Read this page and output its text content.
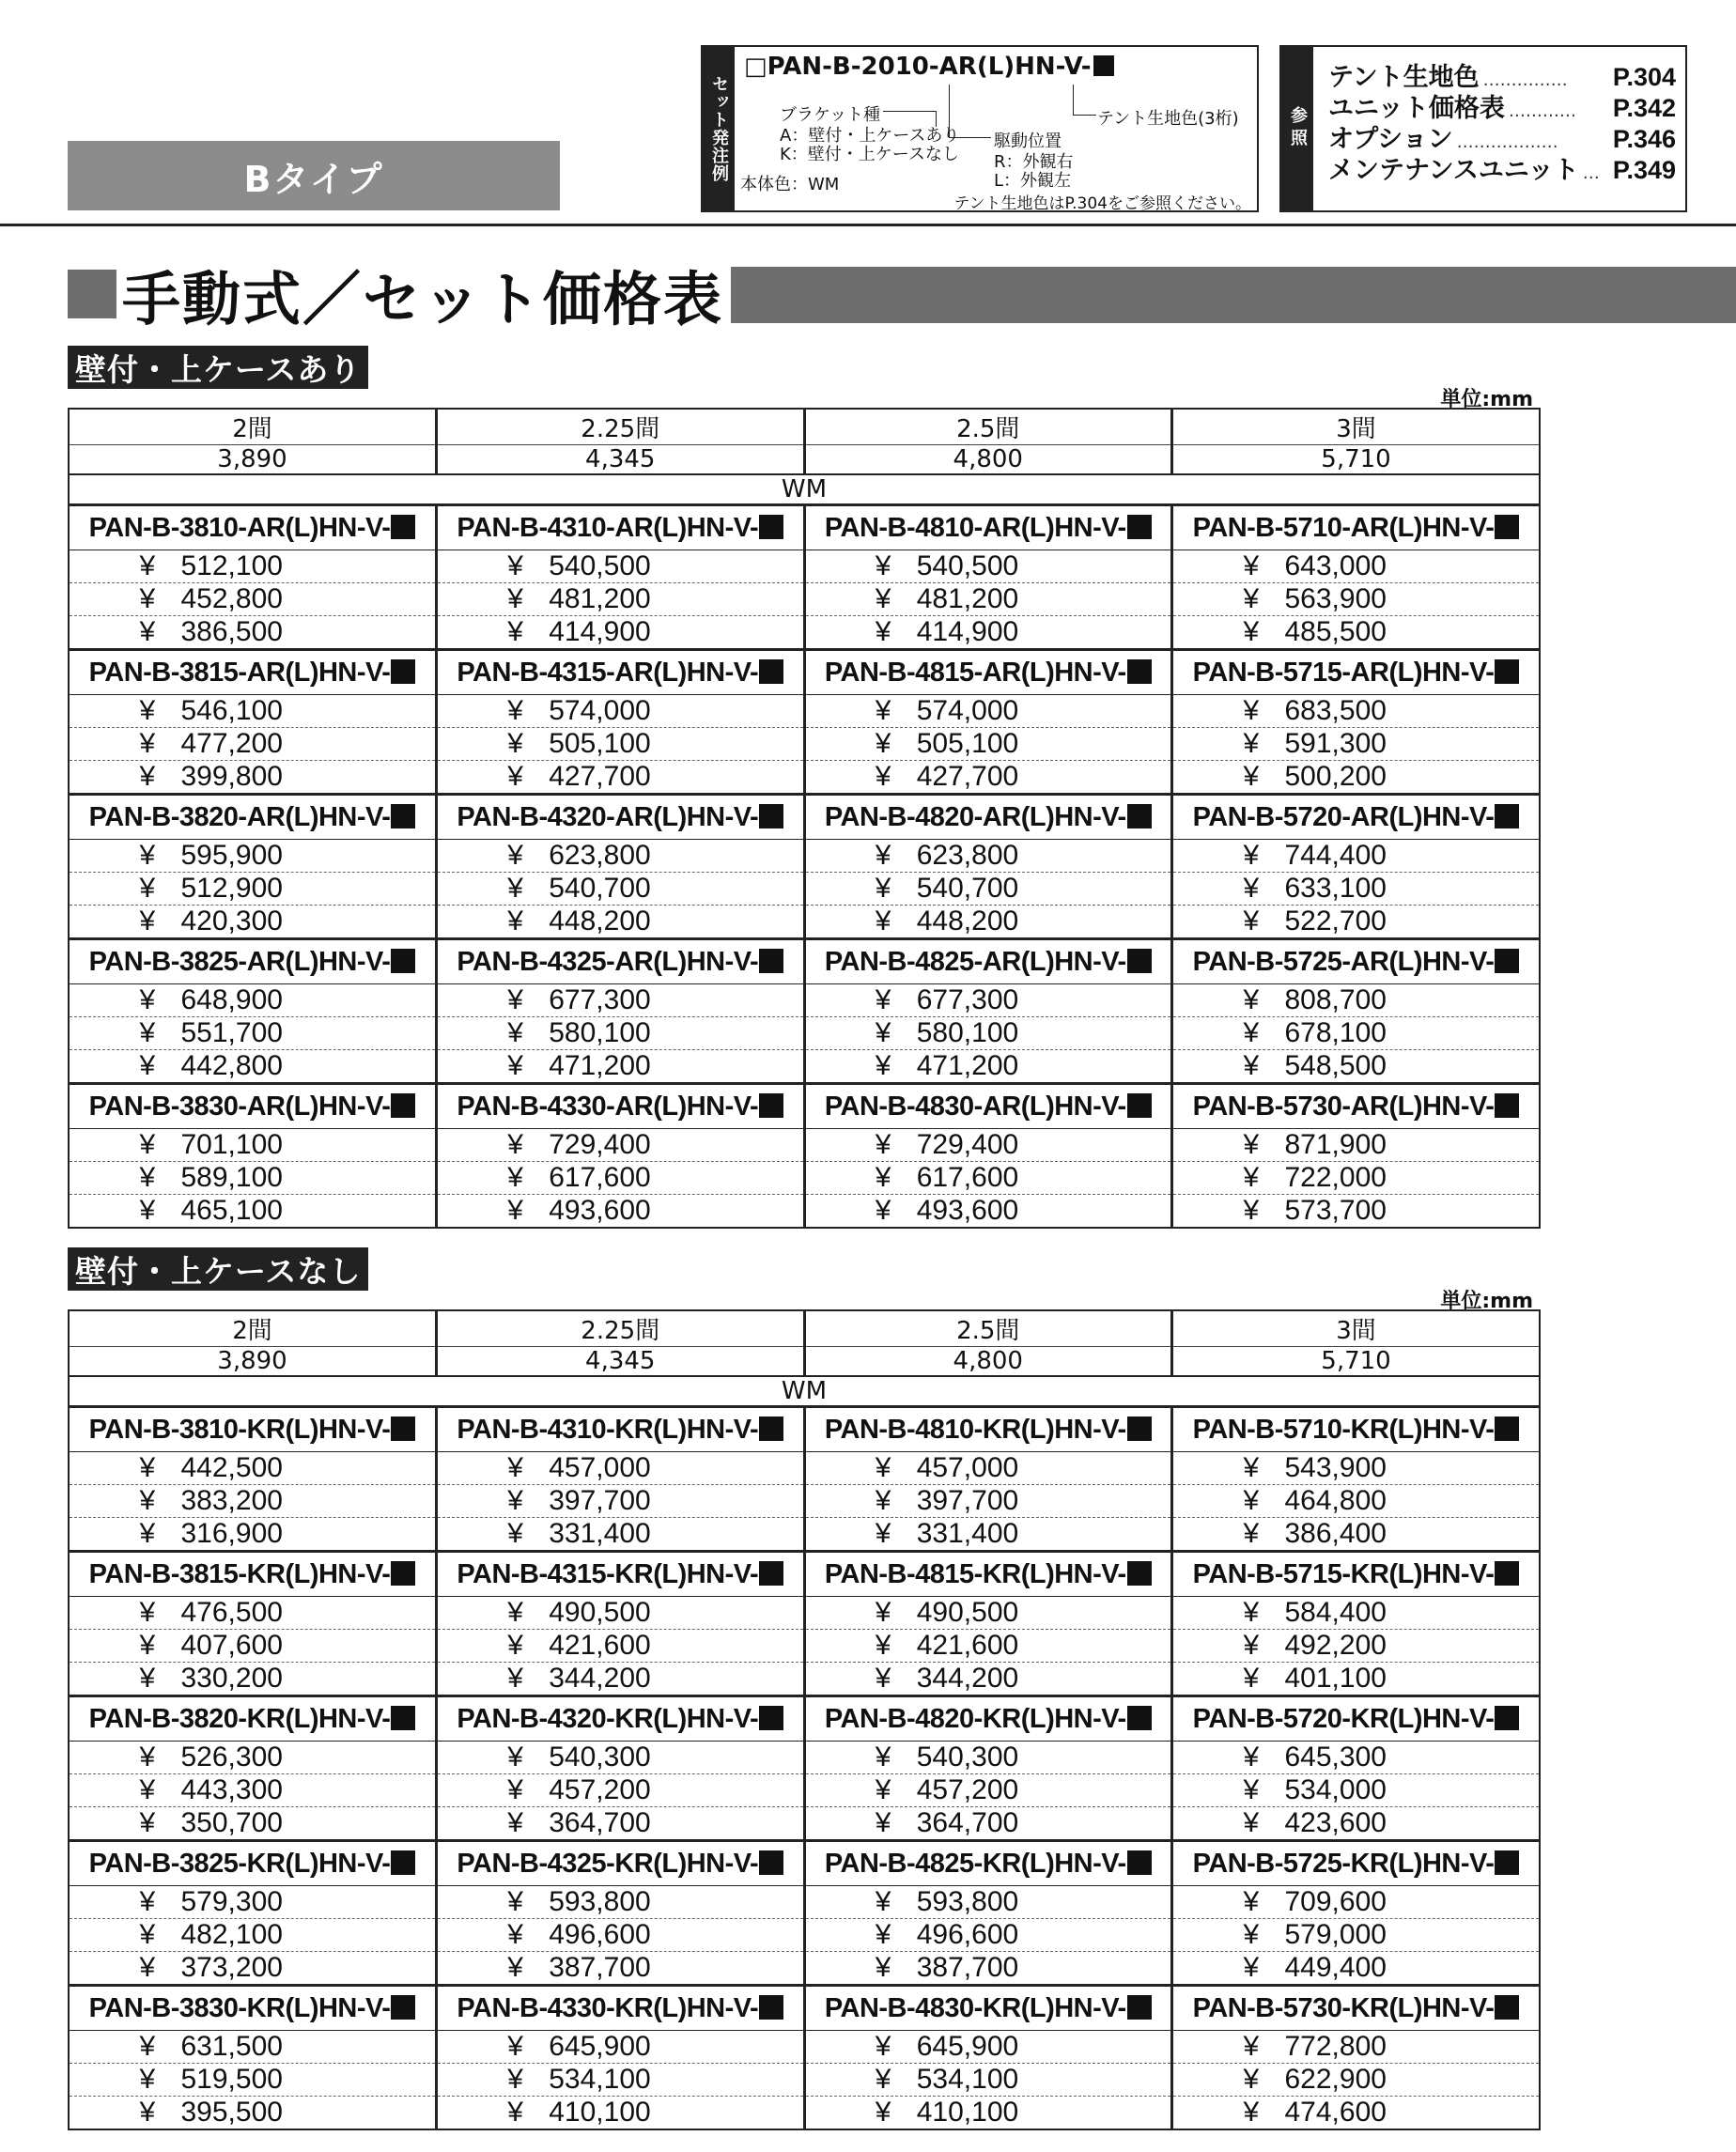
Bタイプ	セット発注例
□PAN-B-2010-AR(L)HN-V-
ブラケット種
A：壁付・上ケースあり
K：壁付・上ケースなし
本体色：WM
駆動位置
R：外観右
L：外観左
テント生地色(3桁)
テント生地色はP.304をご参照ください。
参照
テント生地色 ……………	P.304
ユニット価格表 …………	P.342
オプション ………………	P.346
メンテナンスユニット … P.349
手動式／セット価格表
壁付・上ケースあり
単位:mm
2間	2.25間	2.5間	3間
3,890	4,345	4,800	5,710
WM			
PAN-B-3810-AR(L)HN-V-	PAN-B-4310-AR(L)HN-V-	PAN-B-4810-AR(L)HN-V-	PAN-B-5710-AR(L)HN-V-
¥ 512,100	¥ 540,500	¥ 540,500	¥ 643,000
¥ 452,800	¥ 481,200	¥ 481,200	¥ 563,900
¥ 386,500	¥ 414,900	¥ 414,900	¥ 485,500
PAN-B-3815-AR(L)HN-V-	PAN-B-4315-AR(L)HN-V-	PAN-B-4815-AR(L)HN-V-	PAN-B-5715-AR(L)HN-V-
¥ 546,100	¥ 574,000	¥ 574,000	¥ 683,500
¥ 477,200	¥ 505,100	¥ 505,100	¥ 591,300
¥ 399,800	¥ 427,700	¥ 427,700	¥ 500,200
PAN-B-3820-AR(L)HN-V-	PAN-B-4320-AR(L)HN-V-	PAN-B-4820-AR(L)HN-V-	PAN-B-5720-AR(L)HN-V-
¥ 595,900	¥ 623,800	¥ 623,800	¥ 744,400
¥ 512,900	¥ 540,700	¥ 540,700	¥ 633,100
¥ 420,300	¥ 448,200	¥ 448,200	¥ 522,700
PAN-B-3825-AR(L)HN-V-	PAN-B-4325-AR(L)HN-V-	PAN-B-4825-AR(L)HN-V-	PAN-B-5725-AR(L)HN-V-
¥ 648,900	¥ 677,300	¥ 677,300	¥ 808,700
¥ 551,700	¥ 580,100	¥ 580,100	¥ 678,100
¥ 442,800	¥ 471,200	¥ 471,200	¥ 548,500
PAN-B-3830-AR(L)HN-V-	PAN-B-4330-AR(L)HN-V-	PAN-B-4830-AR(L)HN-V-	PAN-B-5730-AR(L)HN-V-
¥ 701,100	¥ 729,400	¥ 729,400	¥ 871,900
¥ 589,100	¥ 617,600	¥ 617,600	¥ 722,000
¥ 465,100	¥ 493,600	¥ 493,600	¥ 573,700
壁付・上ケースなし
単位:mm
2間	2.25間	2.5間	3間
3,890	4,345	4,800	5,710
WM			
PAN-B-3810-KR(L)HN-V-	PAN-B-4310-KR(L)HN-V-	PAN-B-4810-KR(L)HN-V-	PAN-B-5710-KR(L)HN-V-
¥ 442,500	¥ 457,000	¥ 457,000	¥ 543,900
¥ 383,200	¥ 397,700	¥ 397,700	¥ 464,800
¥ 316,900	¥ 331,400	¥ 331,400	¥ 386,400
PAN-B-3815-KR(L)HN-V-	PAN-B-4315-KR(L)HN-V-	PAN-B-4815-KR(L)HN-V-	PAN-B-5715-KR(L)HN-V-
¥ 476,500	¥ 490,500	¥ 490,500	¥ 584,400
¥ 407,600	¥ 421,600	¥ 421,600	¥ 492,200
¥ 330,200	¥ 344,200	¥ 344,200	¥ 401,100
PAN-B-3820-KR(L)HN-V-	PAN-B-4320-KR(L)HN-V-	PAN-B-4820-KR(L)HN-V-	PAN-B-5720-KR(L)HN-V-
¥ 526,300	¥ 540,300	¥ 540,300	¥ 645,300
¥ 443,300	¥ 457,200	¥ 457,200	¥ 534,000
¥ 350,700	¥ 364,700	¥ 364,700	¥ 423,600
PAN-B-3825-KR(L)HN-V-	PAN-B-4325-KR(L)HN-V-	PAN-B-4825-KR(L)HN-V-	PAN-B-5725-KR(L)HN-V-
¥ 579,300	¥ 593,800	¥ 593,800	¥ 709,600
¥ 482,100	¥ 496,600	¥ 496,600	¥ 579,000
¥ 373,200	¥ 387,700	¥ 387,700	¥ 449,400
PAN-B-3830-KR(L)HN-V-	PAN-B-4330-KR(L)HN-V-	PAN-B-4830-KR(L)HN-V-	PAN-B-5730-KR(L)HN-V-
¥ 631,500	¥ 645,900	¥ 645,900	¥ 772,800
¥ 519,500	¥ 534,100	¥ 534,100	¥ 622,900
¥ 395,500	¥ 410,100	¥ 410,100	¥ 474,600
